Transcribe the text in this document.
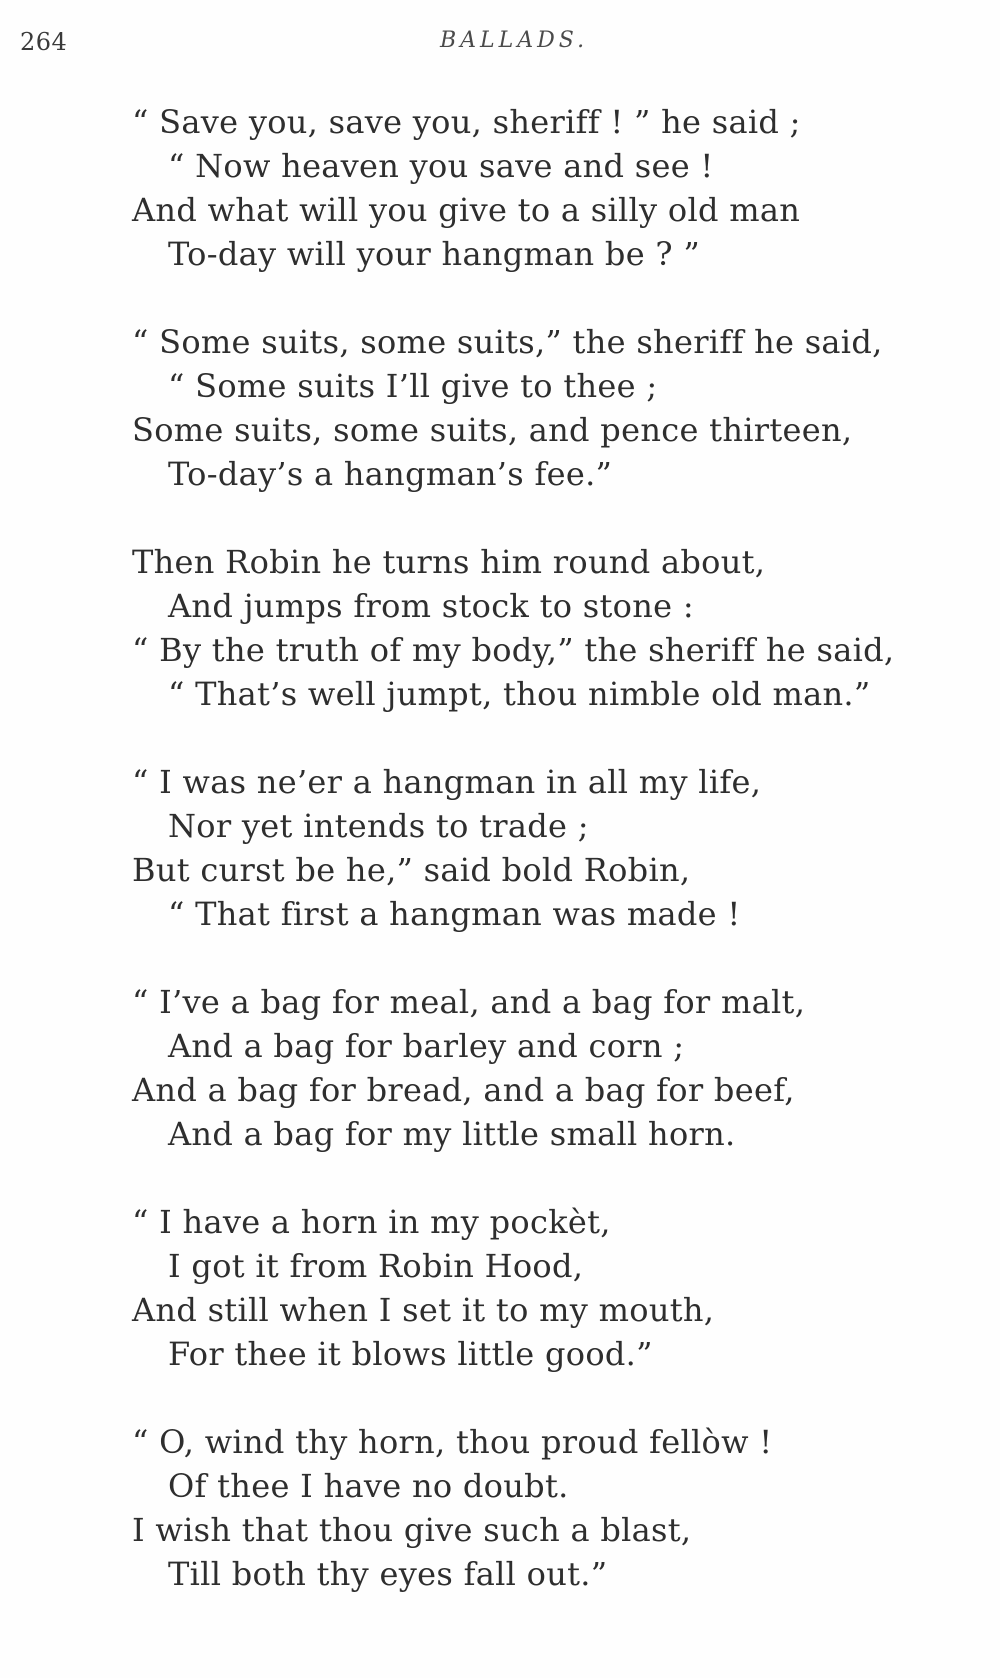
264	BALLADS.
“ Save you, save you, sheriff ! ” he said ;
“ Now heaven you save and see !
And what will you give to a silly old man
To-day will your hangman be ? ”
“ Some suits, some suits,” the sheriff he said,
“ Some suits I’ll give to thee ;
Some suits, some suits, and pence thirteen,
To-day’s a hangman’s fee.”
Then Robin he turns him round about,
And jumps from stock to stone :
“ By the truth of my body,” the sheriff he said,
“ That’s well jumpt, thou nimble old man.”
“ I was ne’er a hangman in all my life,
Nor yet intends to trade ;
But curst be he,” said bold Robin,
“ That first a hangman was made !
“ I’ve a bag for meal, and a bag for malt,
And a bag for barley and corn ;
And a bag for bread, and a bag for beef,
And a bag for my little small horn.
“ I have a horn in my pockèt,
I got it from Robin Hood,
And still when I set it to my mouth,
For thee it blows little good.”
“ O, wind thy horn, thou proud fellòw !
Of thee I have no doubt.
I wish that thou give such a blast,
Till both thy eyes fall out.”
